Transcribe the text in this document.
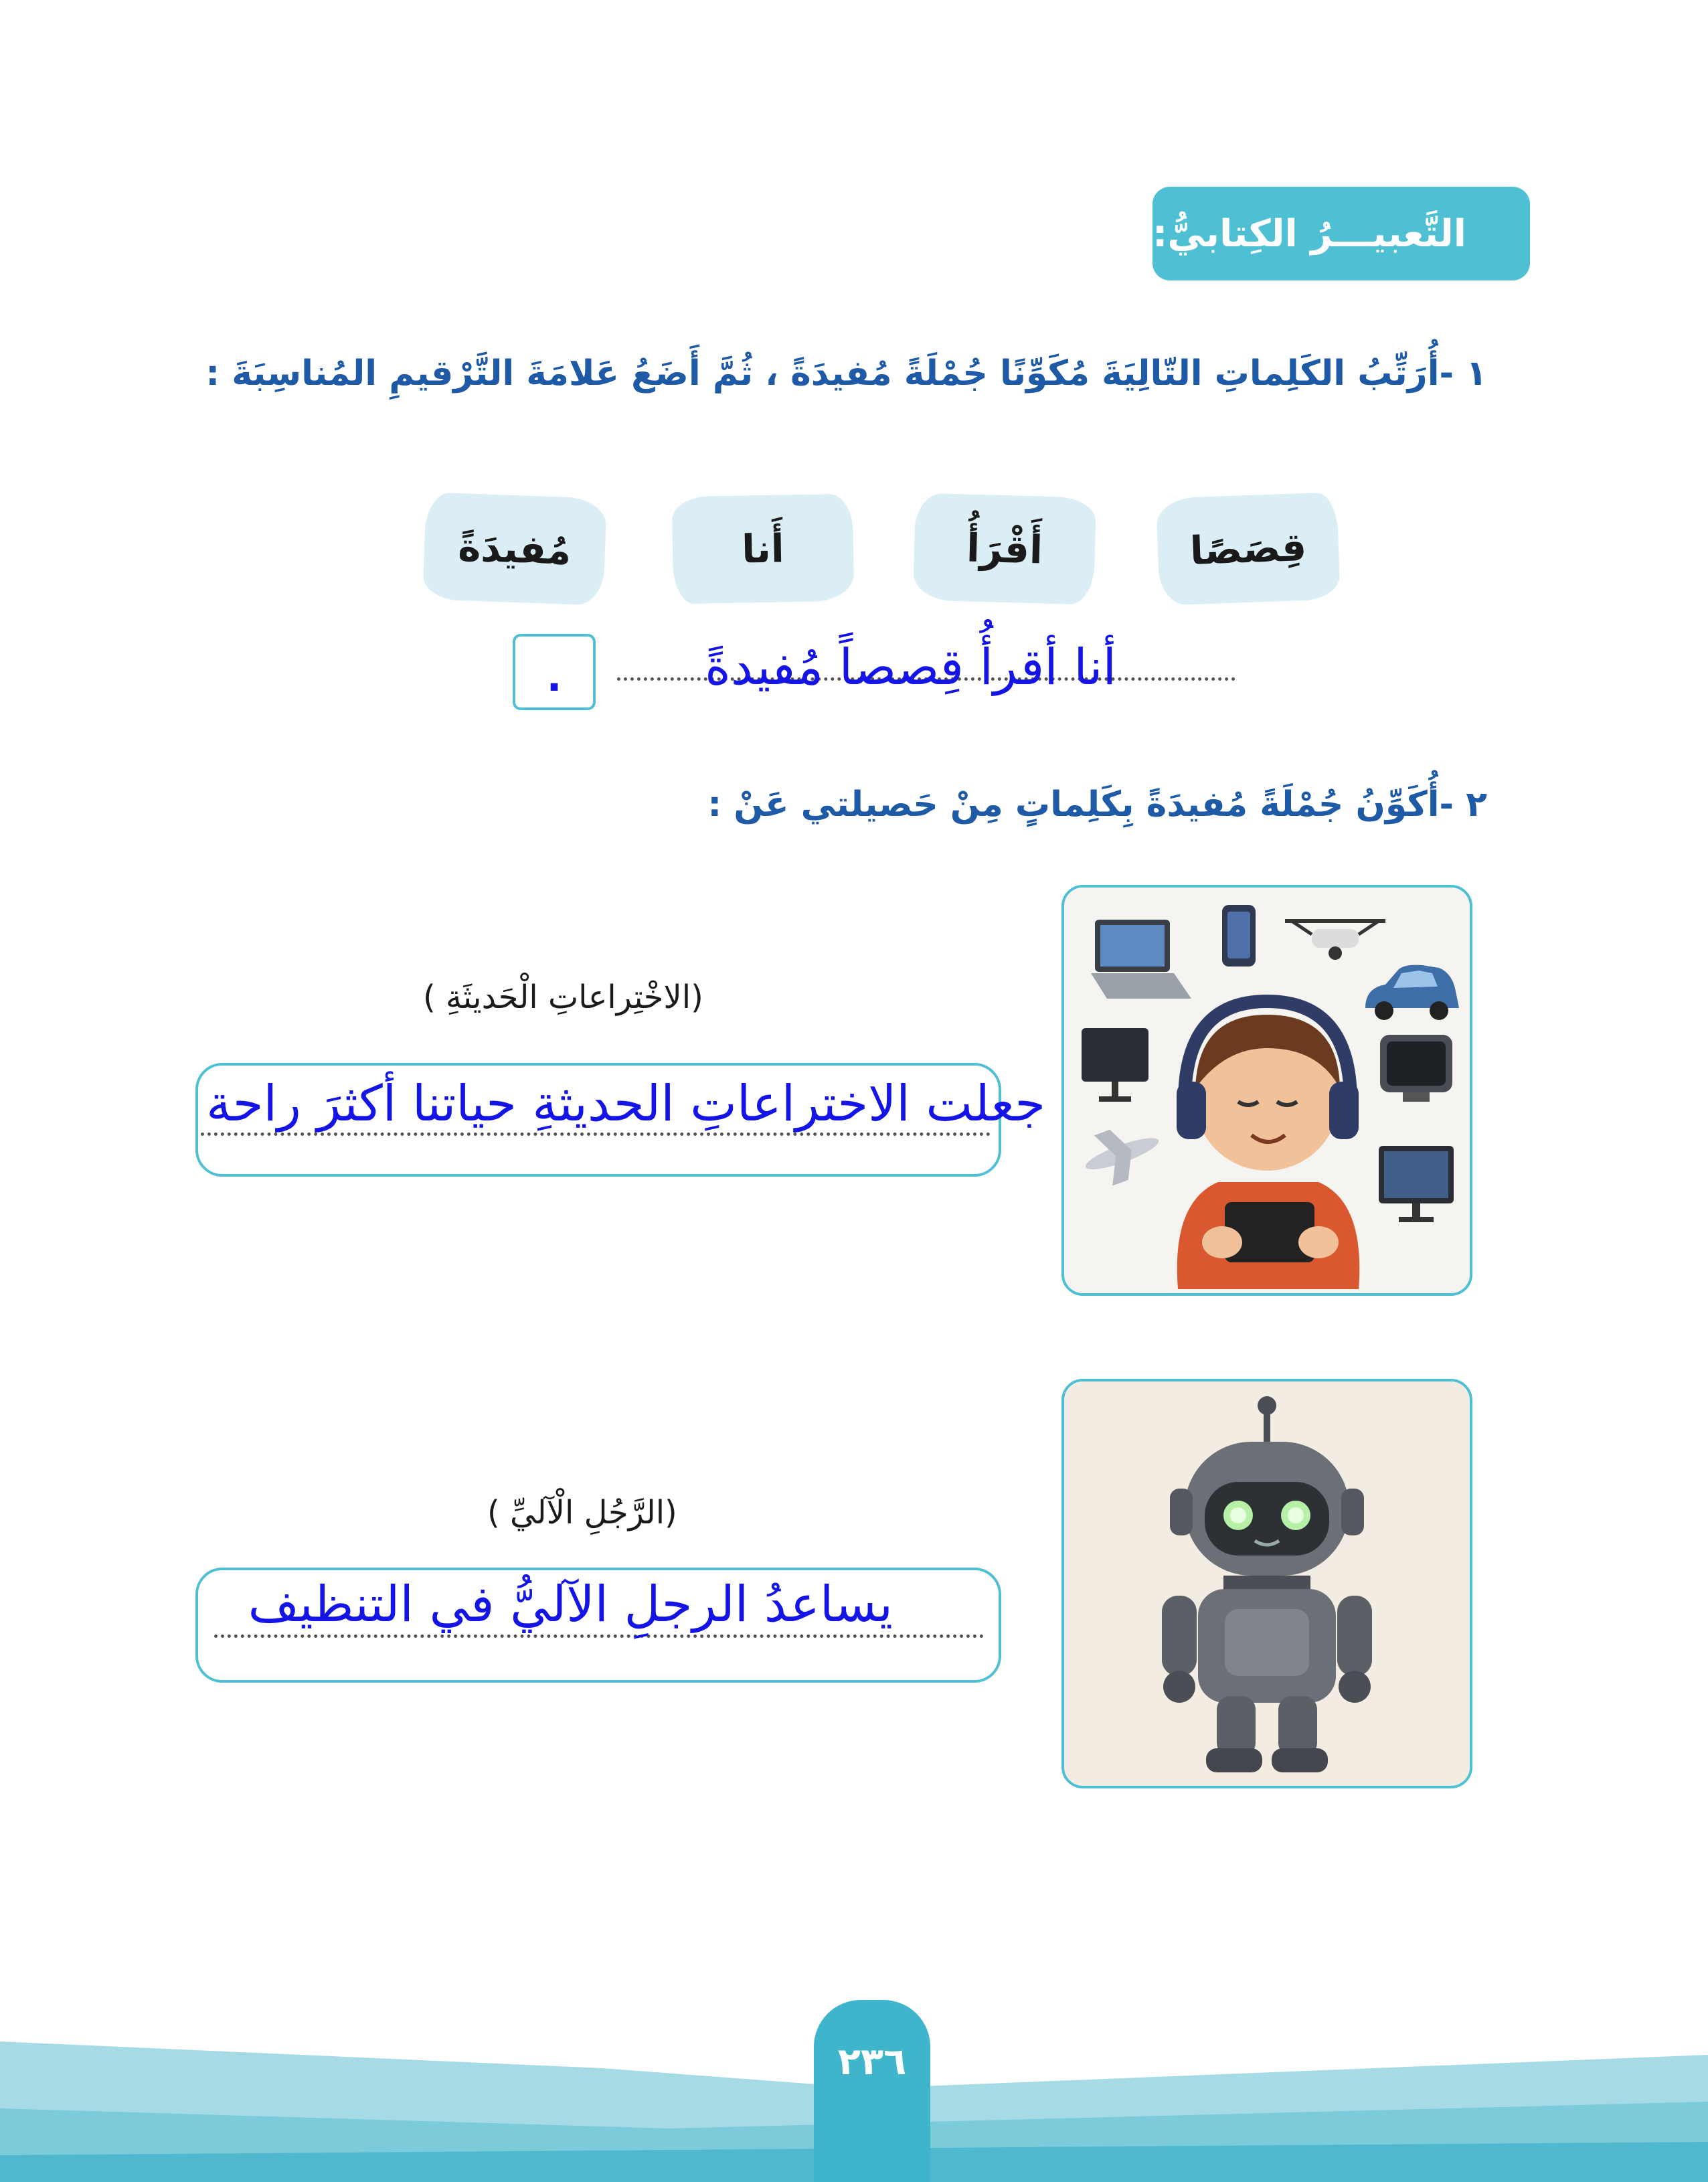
التَّعبيـــرُ الكِتابيُّ:
١ -أُرَتِّبُ الكَلِماتِ التّالِيَةَ مُكَوِّنًا جُمْلَةً مُفيدَةً ، ثُمَّ أَضَعُ عَلامَةَ التَّرْقيمِ المُناسِبَةَ :
قِصَصًا
أَقْرَأُ
أَنا
مُفيدَةً
أنا أقرأُ قِصصاً مُفيدةً
.
٢ -أُكَوِّنُ جُمْلَةً مُفيدَةً بِكَلِماتٍ مِنْ حَصيلتي عَنْ :
(الاخْتِراعاتِ الْحَديثَةِ )
جعلت الاختراعاتِ الحديثةِ حياتنا أكثرَ راحة
(الرَّجُلِ الْآليِّ )
يساعدُ الرجلِ الآليُّ في التنظيف
٢٣٦
